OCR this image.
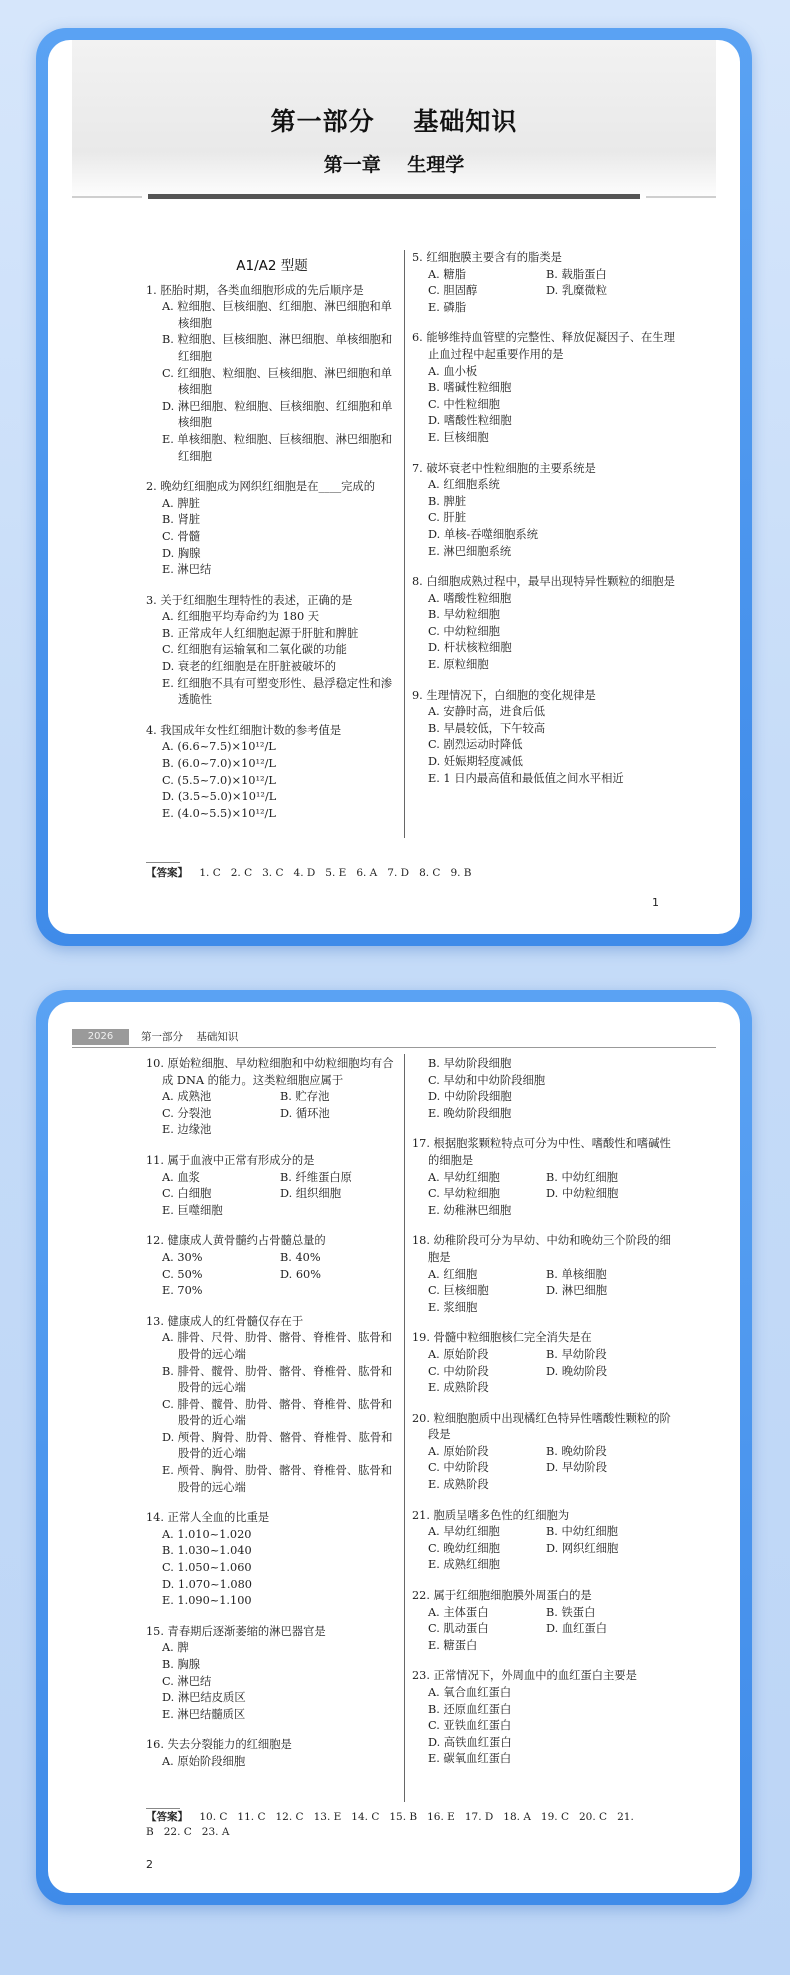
第一部分    基础知识
第一章    生理学
A1/A2 型题
1. 胚胎时期，各类血细胞形成的先后顺序是
A. 粒细胞、巨核细胞、红细胞、淋巴细胞和单核细胞
B. 粒细胞、巨核细胞、淋巴细胞、单核细胞和红细胞
C. 红细胞、粒细胞、巨核细胞、淋巴细胞和单核细胞
D. 淋巴细胞、粒细胞、巨核细胞、红细胞和单核细胞
E. 单核细胞、粒细胞、巨核细胞、淋巴细胞和红细胞
2. 晚幼红细胞成为网织红细胞是在____完成的
A. 脾脏
B. 肾脏
C. 骨髓
D. 胸腺
E. 淋巴结
3. 关于红细胞生理特性的表述，正确的是
A. 红细胞平均寿命约为 180 天
B. 正常成年人红细胞起源于肝脏和脾脏
C. 红细胞有运输氧和二氧化碳的功能
D. 衰老的红细胞是在肝脏被破坏的
E. 红细胞不具有可塑变形性、悬浮稳定性和渗透脆性
4. 我国成年女性红细胞计数的参考值是
A. (6.6~7.5)×10¹²/L
B. (6.0~7.0)×10¹²/L
C. (5.5~7.0)×10¹²/L
D. (3.5~5.0)×10¹²/L
E. (4.0~5.5)×10¹²/L
5. 红细胞膜主要含有的脂类是
A. 糖脂	B. 载脂蛋白
C. 胆固醇	D. 乳糜微粒
E. 磷脂
6. 能够维持血管壁的完整性、释放促凝因子、在生理止血过程中起重要作用的是
A. 血小板
B. 嗜碱性粒细胞
C. 中性粒细胞
D. 嗜酸性粒细胞
E. 巨核细胞
7. 破坏衰老中性粒细胞的主要系统是
A. 红细胞系统
B. 脾脏
C. 肝脏
D. 单核-吞噬细胞系统
E. 淋巴细胞系统
8. 白细胞成熟过程中，最早出现特异性颗粒的细胞是
A. 嗜酸性粒细胞
B. 早幼粒细胞
C. 中幼粒细胞
D. 杆状核粒细胞
E. 原粒细胞
9. 生理情况下，白细胞的变化规律是
A. 安静时高，进食后低
B. 早晨较低，下午较高
C. 剧烈运动时降低
D. 妊娠期轻度减低
E. 1 日内最高值和最低值之间水平相近
【答案】 1. C 2. C 3. C 4. D 5. E 6. A 7. D 8. C 9. B
1
2026	第一部分    基础知识
10. 原始粒细胞、早幼粒细胞和中幼粒细胞均有合成 DNA 的能力。这类粒细胞应属于
A. 成熟池	B. 贮存池
C. 分裂池	D. 循环池
E. 边缘池
11. 属于血液中正常有形成分的是
A. 血浆	B. 纤维蛋白原
C. 白细胞	D. 组织细胞
E. 巨噬细胞
12. 健康成人黄骨髓约占骨髓总量的
A. 30%	B. 40%
C. 50%	D. 60%
E. 70%
13. 健康成人的红骨髓仅存在于
A. 腓骨、尺骨、肋骨、髂骨、脊椎骨、肱骨和股骨的远心端
B. 腓骨、髋骨、肋骨、髂骨、脊椎骨、肱骨和股骨的远心端
C. 腓骨、髋骨、肋骨、髂骨、脊椎骨、肱骨和股骨的近心端
D. 颅骨、胸骨、肋骨、髂骨、脊椎骨、肱骨和股骨的近心端
E. 颅骨、胸骨、肋骨、髂骨、脊椎骨、肱骨和股骨的远心端
14. 正常人全血的比重是
A. 1.010~1.020
B. 1.030~1.040
C. 1.050~1.060
D. 1.070~1.080
E. 1.090~1.100
15. 青春期后逐渐萎缩的淋巴器官是
A. 脾
B. 胸腺
C. 淋巴结
D. 淋巴结皮质区
E. 淋巴结髓质区
16. 失去分裂能力的红细胞是
A. 原始阶段细胞
B. 早幼阶段细胞
C. 早幼和中幼阶段细胞
D. 中幼阶段细胞
E. 晚幼阶段细胞
17. 根据胞浆颗粒特点可分为中性、嗜酸性和嗜碱性的细胞是
A. 早幼红细胞	B. 中幼红细胞
C. 早幼粒细胞	D. 中幼粒细胞
E. 幼稚淋巴细胞
18. 幼稚阶段可分为早幼、中幼和晚幼三个阶段的细胞是
A. 红细胞	B. 单核细胞
C. 巨核细胞	D. 淋巴细胞
E. 浆细胞
19. 骨髓中粒细胞核仁完全消失是在
A. 原始阶段	B. 早幼阶段
C. 中幼阶段	D. 晚幼阶段
E. 成熟阶段
20. 粒细胞胞质中出现橘红色特异性嗜酸性颗粒的阶段是
A. 原始阶段	B. 晚幼阶段
C. 中幼阶段	D. 早幼阶段
E. 成熟阶段
21. 胞质呈嗜多色性的红细胞为
A. 早幼红细胞	B. 中幼红细胞
C. 晚幼红细胞	D. 网织红细胞
E. 成熟红细胞
22. 属于红细胞细胞膜外周蛋白的是
A. 主体蛋白	B. 铁蛋白
C. 肌动蛋白	D. 血红蛋白
E. 糖蛋白
23. 正常情况下，外周血中的血红蛋白主要是
A. 氧合血红蛋白
B. 还原血红蛋白
C. 亚铁血红蛋白
D. 高铁血红蛋白
E. 碳氧血红蛋白
【答案】 10. C 11. C 12. C 13. E 14. C 15. B 16. E 17. D 18. A 19. C 20. C 21. B 22. C 23. A
2
